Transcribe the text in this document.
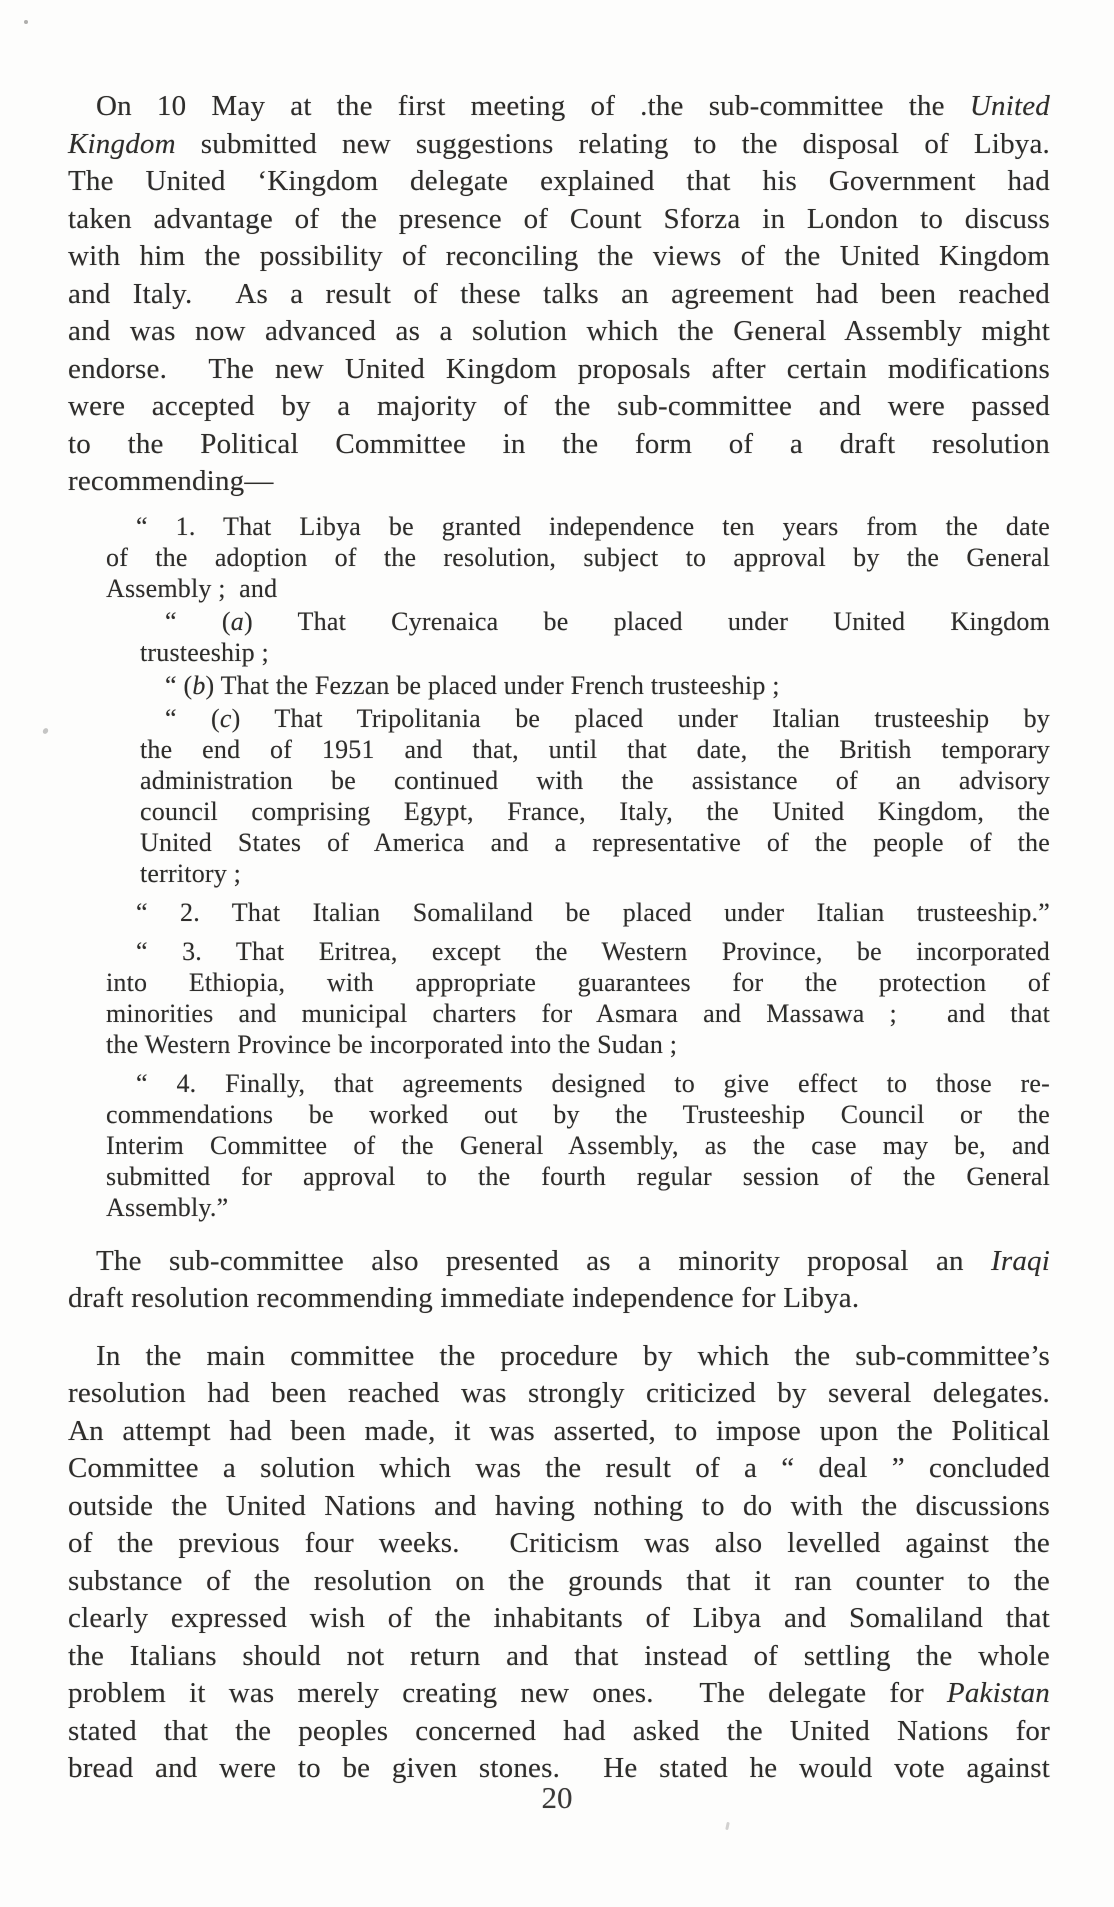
On 10 May at the first meeting of .the sub-committee the United
Kingdom submitted new suggestions relating to the disposal of Libya.
The United ‘Kingdom delegate explained that his Government had
taken advantage of the presence of Count Sforza in London to discuss
with him the possibility of reconciling the views of the United Kingdom
and Italy.  As a result of these talks an agreement had been reached
and was now advanced as a solution which the General Assembly might
endorse.  The new United Kingdom proposals after certain modifications
were accepted by a majority of the sub-committee and were passed
to the Political Committee in the form of a draft resolution
recommending—
“ 1. That Libya be granted independence ten years from the date
of the adoption of the resolution, subject to approval by the General
Assembly ;  and
“ (a) That Cyrenaica be placed under United Kingdom
trusteeship ;
“ (b) That the Fezzan be placed under French trusteeship ;
“ (c) That Tripolitania be placed under Italian trusteeship by
the end of 1951 and that, until that date, the British temporary
administration be continued with the assistance of an advisory
council comprising Egypt, France, Italy, the United Kingdom, the
United States of America and a representative of the people of the
territory ;
“ 2. That Italian Somaliland be placed under Italian trusteeship.”
“ 3. That Eritrea, except the Western Province, be incorporated
into Ethiopia, with appropriate guarantees for the protection of
minorities and municipal charters for Asmara and Massawa ;  and that
the Western Province be incorporated into the Sudan ;
“ 4. Finally, that agreements designed to give effect to those re-
commendations be worked out by the Trusteeship Council or the
Interim Committee of the General Assembly, as the case may be, and
submitted for approval to the fourth regular session of the General
Assembly.”
The sub-committee also presented as a minority proposal an Iraqi
draft resolution recommending immediate independence for Libya.
In the main committee the procedure by which the sub-committee’s
resolution had been reached was strongly criticized by several delegates.
An attempt had been made, it was asserted, to impose upon the Political
Committee a solution which was the result of a “ deal ” concluded
outside the United Nations and having nothing to do with the discussions
of the previous four weeks.  Criticism was also levelled against the
substance of the resolution on the grounds that it ran counter to the
clearly expressed wish of the inhabitants of Libya and Somaliland that
the Italians should not return and that instead of settling the whole
problem it was merely creating new ones.  The delegate for Pakistan
stated that the peoples concerned had asked the United Nations for
bread and were to be given stones.  He stated he would vote against
20
